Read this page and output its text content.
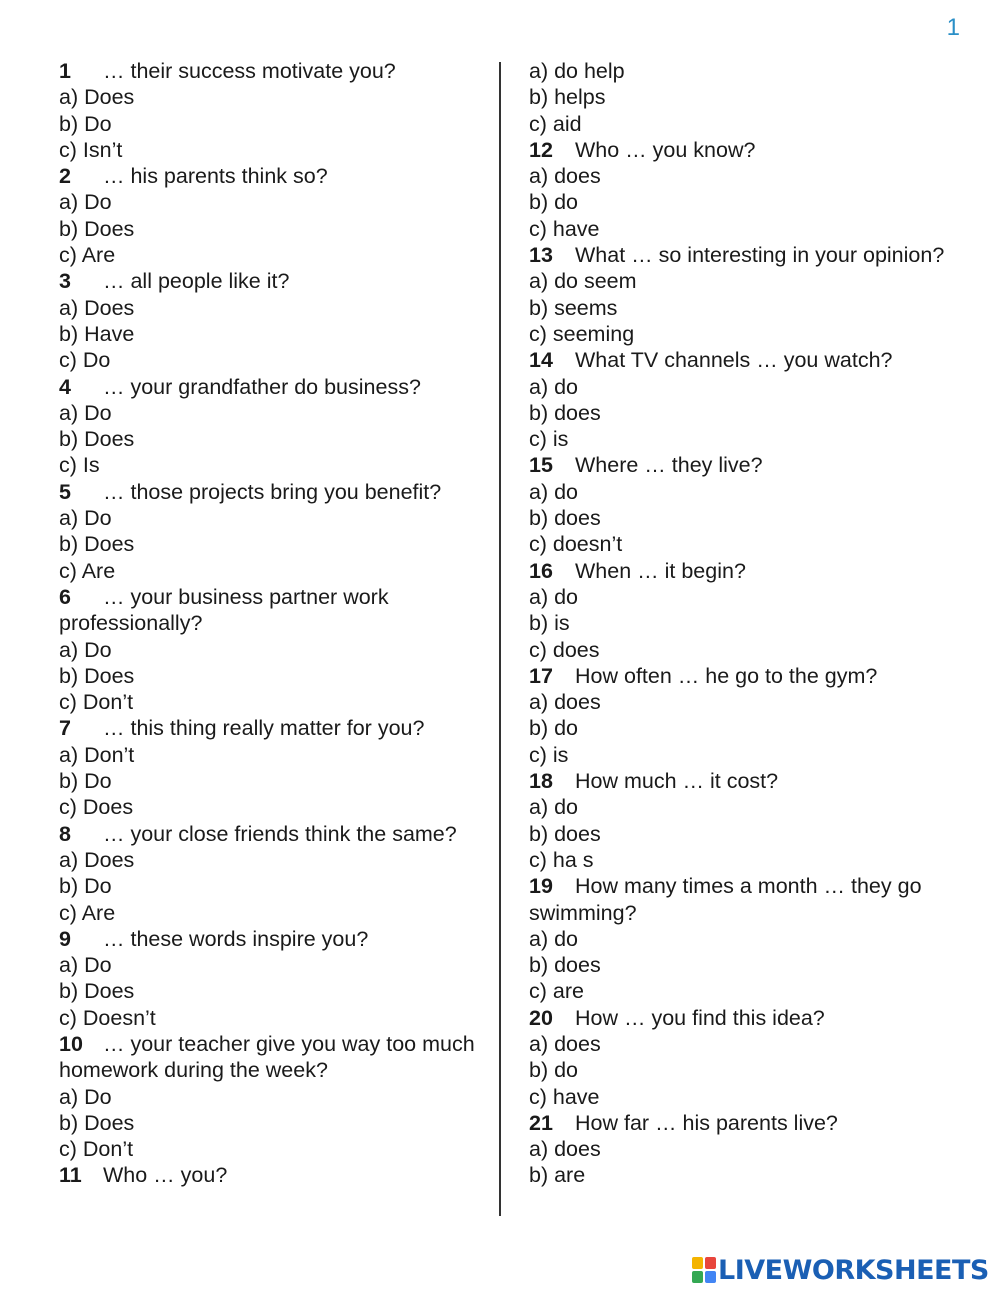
1
1 … their success motivate you?
a) Does
b) Do
c) Isn’t
2 … his parents think so?
a) Do
b) Does
c) Are
3 … all people like it?
a) Does
b) Have
c) Do
4 … your grandfather do business?
a) Do
b) Does
c) Is
5 … those projects bring you benefit?
a) Do
b) Does
c) Are
6 … your business partner work professionally?
a) Do
b) Does
c) Don’t
7 … this thing really matter for you?
a) Don’t
b) Do
c) Does
8 … your close friends think the same?
a) Does
b) Do
c) Are
9 … these words inspire you?
a) Do
b) Does
c) Doesn’t
10 … your teacher give you way too much homework during the week?
a) Do
b) Does
c) Don’t
11 Who … you?
a) do help
b) helps
c) aid
12 Who … you know?
a) does
b) do
c) have
13 What … so interesting in your opinion?
a) do seem
b) seems
c) seeming
14 What TV channels … you watch?
a) do
b) does
c) is
15 Where … they live?
a) do
b) does
c) doesn’t
16 When … it begin?
a) do
b) is
c) does
17 How often … he go to the gym?
a) does
b) do
c) is
18 How much … it cost?
a) do
b) does
c) ha s
19 How many times a month … they go swimming?
a) do
b) does
c) are
20 How … you find this idea?
a) does
b) do
c) have
21 How far … his parents live?
a) does
b) are
LIVEWORKSHEETS
